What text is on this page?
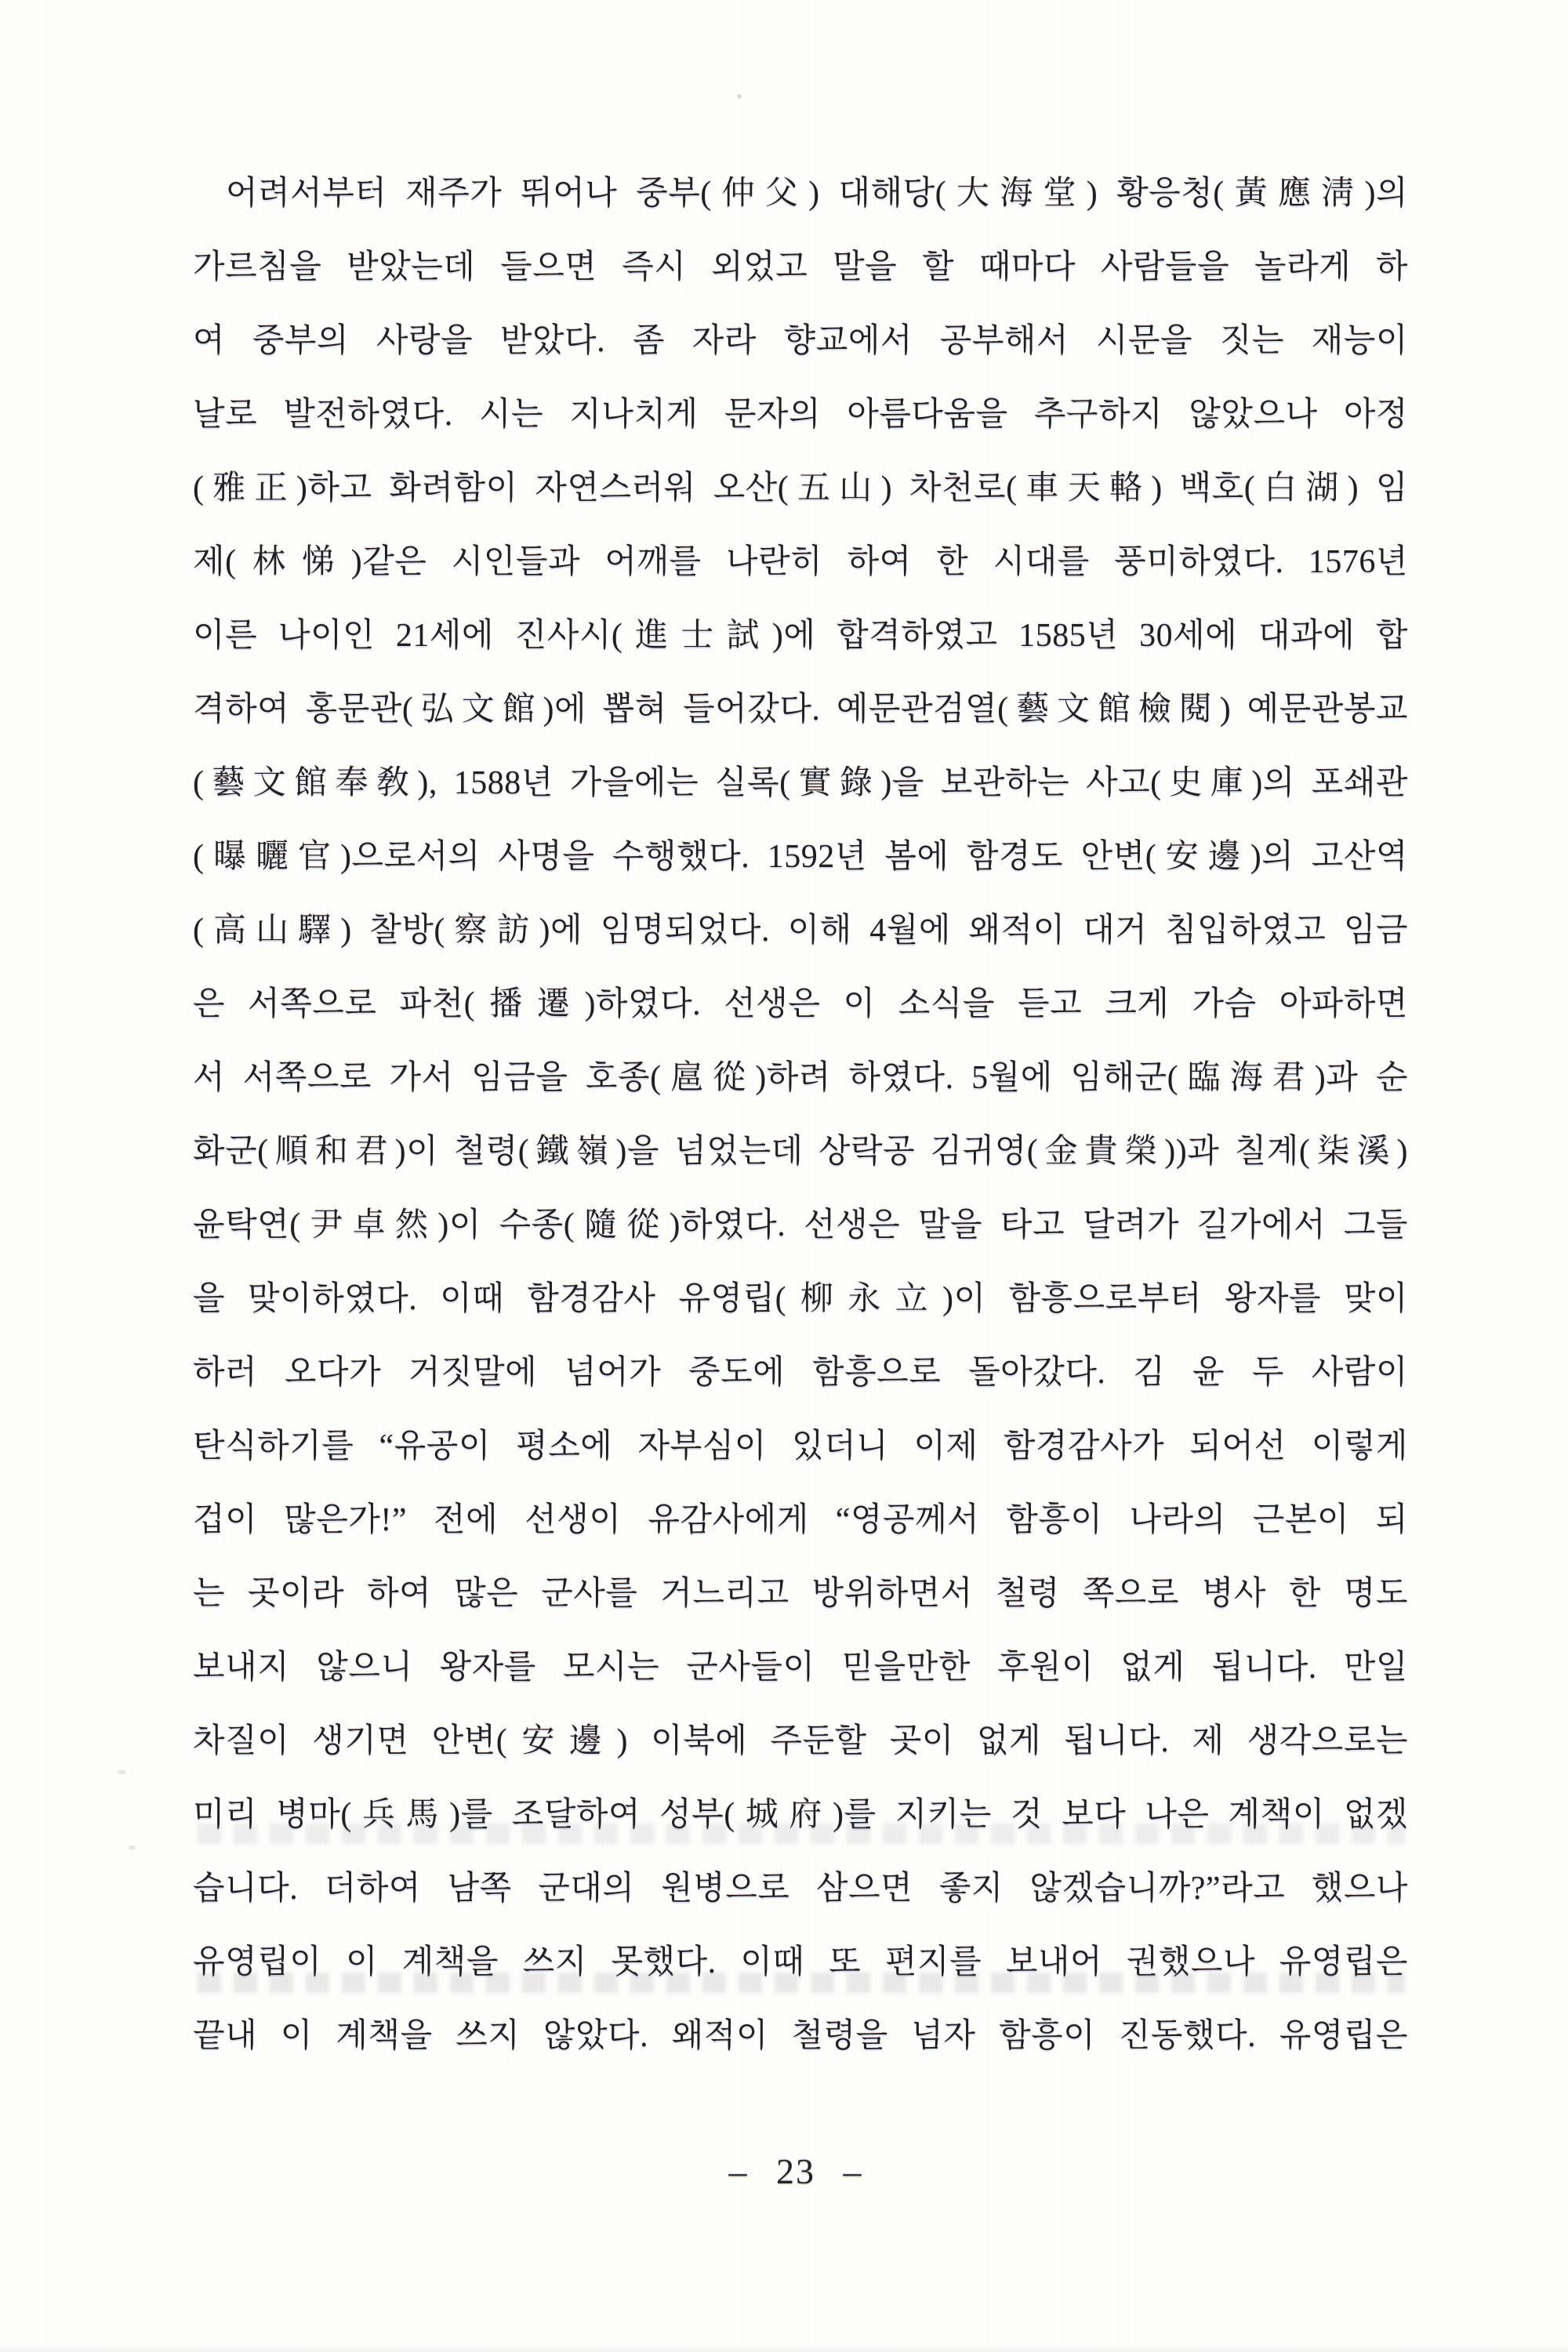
어려서부터 재주가 뛰어나 중부(仲父) 대해당(大海堂) 황응청(黃應淸)의
가르침을 받았는데 들으면 즉시 외었고 말을 할 때마다 사람들을 놀라게 하
여 중부의 사랑을 받았다. 좀 자라 향교에서 공부해서 시문을 짓는 재능이
날로 발전하였다. 시는 지나치게 문자의 아름다움을 추구하지 않았으나 아정
(雅正)하고 화려함이 자연스러워 오산(五山) 차천로(車天輅) 백호(白湖) 임
제(林悌)같은 시인들과 어깨를 나란히 하여 한 시대를 풍미하였다. 1576년
이른 나이인 21세에 진사시(進士試)에 합격하였고 1585년 30세에 대과에 합
격하여 홍문관(弘文館)에 뽑혀 들어갔다. 예문관검열(藝文館檢閱) 예문관봉교
(藝文館奉敎), 1588년 가을에는 실록(實錄)을 보관하는 사고(史庫)의 포쇄관
(曝曬官)으로서의 사명을 수행했다. 1592년 봄에 함경도 안변(安邊)의 고산역
(高山驛) 찰방(察訪)에 임명되었다. 이해 4월에 왜적이 대거 침입하였고 임금
은 서쪽으로 파천(播遷)하였다. 선생은 이 소식을 듣고 크게 가슴 아파하면
서 서쪽으로 가서 임금을 호종(扈從)하려 하였다. 5월에 임해군(臨海君)과 순
화군(順和君)이 철령(鐵嶺)을 넘었는데 상락공 김귀영(金貴榮))과 칠계(柒溪)
윤탁연(尹卓然)이 수종(隨從)하였다. 선생은 말을 타고 달려가 길가에서 그들
을 맞이하였다. 이때 함경감사 유영립(柳永立)이 함흥으로부터 왕자를 맞이
하러 오다가 거짓말에 넘어가 중도에 함흥으로 돌아갔다. 김 윤 두 사람이
탄식하기를 “유공이 평소에 자부심이 있더니 이제 함경감사가 되어선 이렇게
겁이 많은가!” 전에 선생이 유감사에게 “영공께서 함흥이 나라의 근본이 되
는 곳이라 하여 많은 군사를 거느리고 방위하면서 철령 쪽으로 병사 한 명도
보내지 않으니 왕자를 모시는 군사들이 믿을만한 후원이 없게 됩니다. 만일
차질이 생기면 안변(安邊) 이북에 주둔할 곳이 없게 됩니다. 제 생각으로는
미리 병마(兵馬)를 조달하여 성부(城府)를 지키는 것 보다 나은 계책이 없겠
습니다. 더하여 남쪽 군대의 원병으로 삼으면 좋지 않겠습니까?”라고 했으나
유영립이 이 계책을 쓰지 못했다. 이때 또 편지를 보내어 권했으나 유영립은
끝내 이 계책을 쓰지 않았다. 왜적이 철령을 넘자 함흥이 진동했다. 유영립은
– 23 –
